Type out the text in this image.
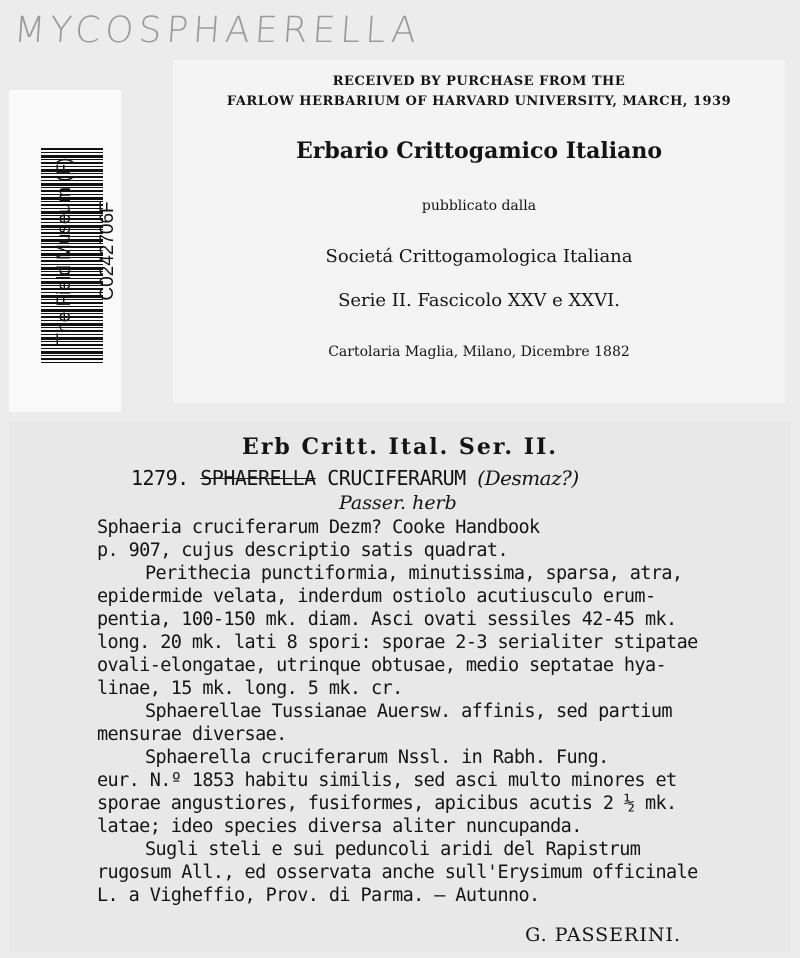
MYCOSPHAERELLA
The Field Museum (F) C0242706F

RECEIVED BY PURCHASE FROM THE
FARLOW HERBARIUM OF HARVARD UNIVERSITY, MARCH, 1939

Erbario Crittogamico Italiano

pubblicato dalla

Societá Crittogamologica Italiana

Serie II. Fascicolo XXV e XXVI.

Cartolaria Maglia, Milano, Dicembre 1882

Erb Critt. Ital. Ser. II.
1279. SPHAERELLA CRUCIFERARUM (Desmaz?)
Passer. herb
Sphaeria cruciferarum Dezm? Cooke Handbook
p. 907, cujus descriptio satis quadrat.
Perithecia punctiformia, minutissima, sparsa, atra,
epidermide velata, inderdum ostiolo acutiusculo erum-
pentia, 100-150 mk. diam. Asci ovati sessiles 42-45 mk.
long. 20 mk. lati 8 spori: sporae 2-3 serialiter stipatae
ovali-elongatae, utrinque obtusae, medio septatae hya-
linae, 15 mk. long. 5 mk. cr.
Sphaerellae Tussianae Auersw. affinis, sed partium
mensurae diversae.
Sphaerella cruciferarum Nssl. in Rabh. Fung.
eur. N.º 1853 habitu similis, sed asci multo minores et
sporae angustiores, fusiformes, apicibus acutis 2 ½ mk.
latae; ideo species diversa aliter nuncupanda.
Sugli steli e sui peduncoli aridi del Rapistrum
rugosum All., ed osservata anche sull'Erysimum officinale
L. a Vigheffio, Prov. di Parma. — Autunno.
G. PASSERINI.
